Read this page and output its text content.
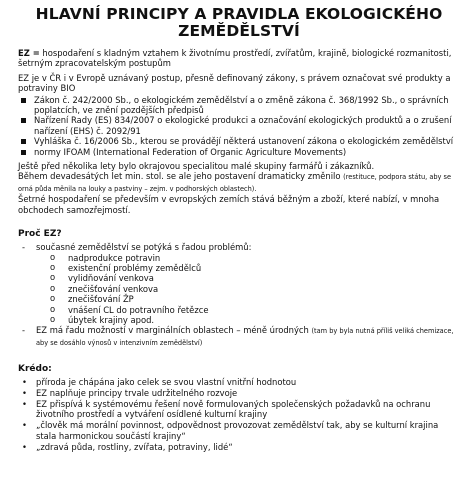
HLAVNÍ PRINCIPY A PRAVIDLA EKOLOGICKÉHO ZEMĚDĚLSTVÍ

EZ = hospodaření s kladným vztahem k životnímu prostředí, zvířatům, krajině, biologické rozmanitosti, šetrným zpracovatelským postupům

EZ je v ČR i v Evropě uznávaný postup, přesně definovaný zákony, s právem označovat své produkty a potraviny BIO

Zákon č. 242/2000 Sb., o ekologickém zemědělství a o změně zákona č. 368/1992 Sb., o správních poplatcích, ve znění pozdějších předpisů
Nařízení Rady (ES) 834/2007 o ekologické produkci a označování ekologických produktů a o zrušení nařízení (EHS) č. 2092/91
Vyhláška č. 16/2006 Sb., kterou se provádějí některá ustanovení zákona o ekologickém zemědělství
normy IFOAM (International Federation of Organic Agriculture Movements)

Ještě před několika lety bylo okrajovou specialitou malé skupiny farmářů i zákazníků.

Během devadesátých let min. stol. se ale jeho postavení dramaticky změnilo (restituce, podpora státu, aby se orná půda měnila na louky a pastviny – zejm. v podhorských oblastech).

Šetrné hospodaření se především v evropských zemích stává běžným a zboží, které nabízí, v mnoha obchodech samozřejmostí.

Proč EZ?
- současné zemědělství se potýká s řadou problémů:
o nadprodukce potravin
o existenční problémy zemědělců
o vylidňování venkova
o znečišťování venkova
o znečišťování ŽP
o vnášení CL do potravního řetězce
o úbytek krajiny apod.
- EZ má řadu možností v marginálních oblastech – méně úrodných (tam by byla nutná příliš veliká chemizace, aby se dosáhlo výnosů v intenzivním zemědělství)
Krédo:
• příroda je chápána jako celek se svou vlastní vnitřní hodnotou
• EZ naplňuje principy trvale udržitelného rozvoje
• EZ přispívá k systémovému řešení nově formulovaných společenských požadavků na ochranu životního prostředí a vytváření osídlené kulturní krajiny
• „člověk má morální povinnost, odpovědnost provozovat zemědělství tak, aby se kulturní krajina stala harmonickou součástí krajiny“
• „zdravá půda, rostliny, zvířata, potraviny, lidé“
